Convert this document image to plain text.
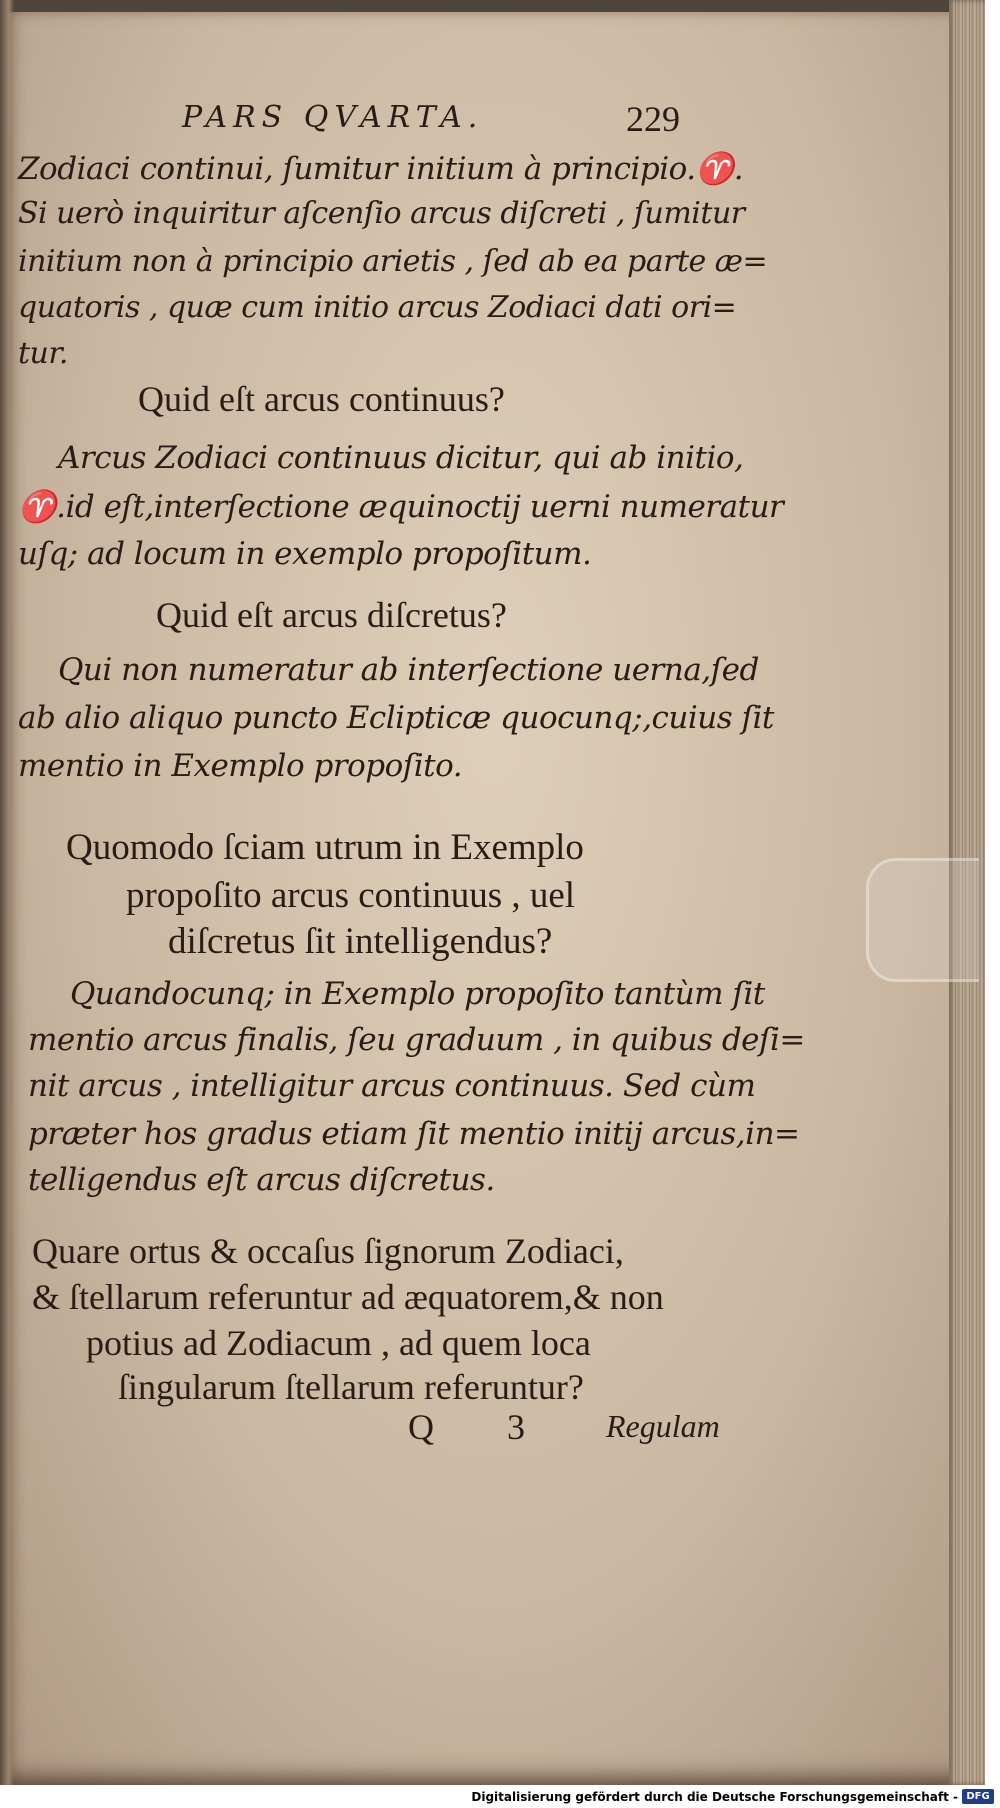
PARS QVARTA.	229
Zodiaci continui, ſumitur initium à principio.♈.
Si uerò inquiritur aſcenſio arcus diſcreti , ſumitur
initium non à principio arietis , ſed ab ea parte æ=
quatoris , quæ cum initio arcus Zodiaci dati ori=
tur.
Quid eſt arcus continuus?
Arcus Zodiaci continuus dicitur, qui ab initio,
♈.id eſt,interſectione æquinoctij uerni numeratur
uſq; ad locum in exemplo propoſitum.
Quid eſt arcus diſcretus?
Qui non numeratur ab interſectione uerna,ſed
ab alio aliquo puncto Eclipticæ quocunq;,cuius ſit
mentio in Exemplo propoſito.
Quomodo ſciam utrum in Exemplo
propoſito arcus continuus , uel
diſcretus ſit intelligendus?
Quandocunq; in Exemplo propoſito tantùm ſit
mentio arcus finalis, ſeu graduum , in quibus deſi=
nit arcus , intelligitur arcus continuus. Sed cùm
præter hos gradus etiam ſit mentio initij arcus,in=
telligendus eſt arcus diſcretus.
Quare ortus & occaſus ſignorum Zodiaci,
& ſtellarum referuntur ad æquatorem,& non
potius ad Zodiacum , ad quem loca
ſingularum ſtellarum referuntur?
Q 3 Regulam
Digitalisierung gefördert durch die Deutsche Forschungsgemeinschaft - DFG
